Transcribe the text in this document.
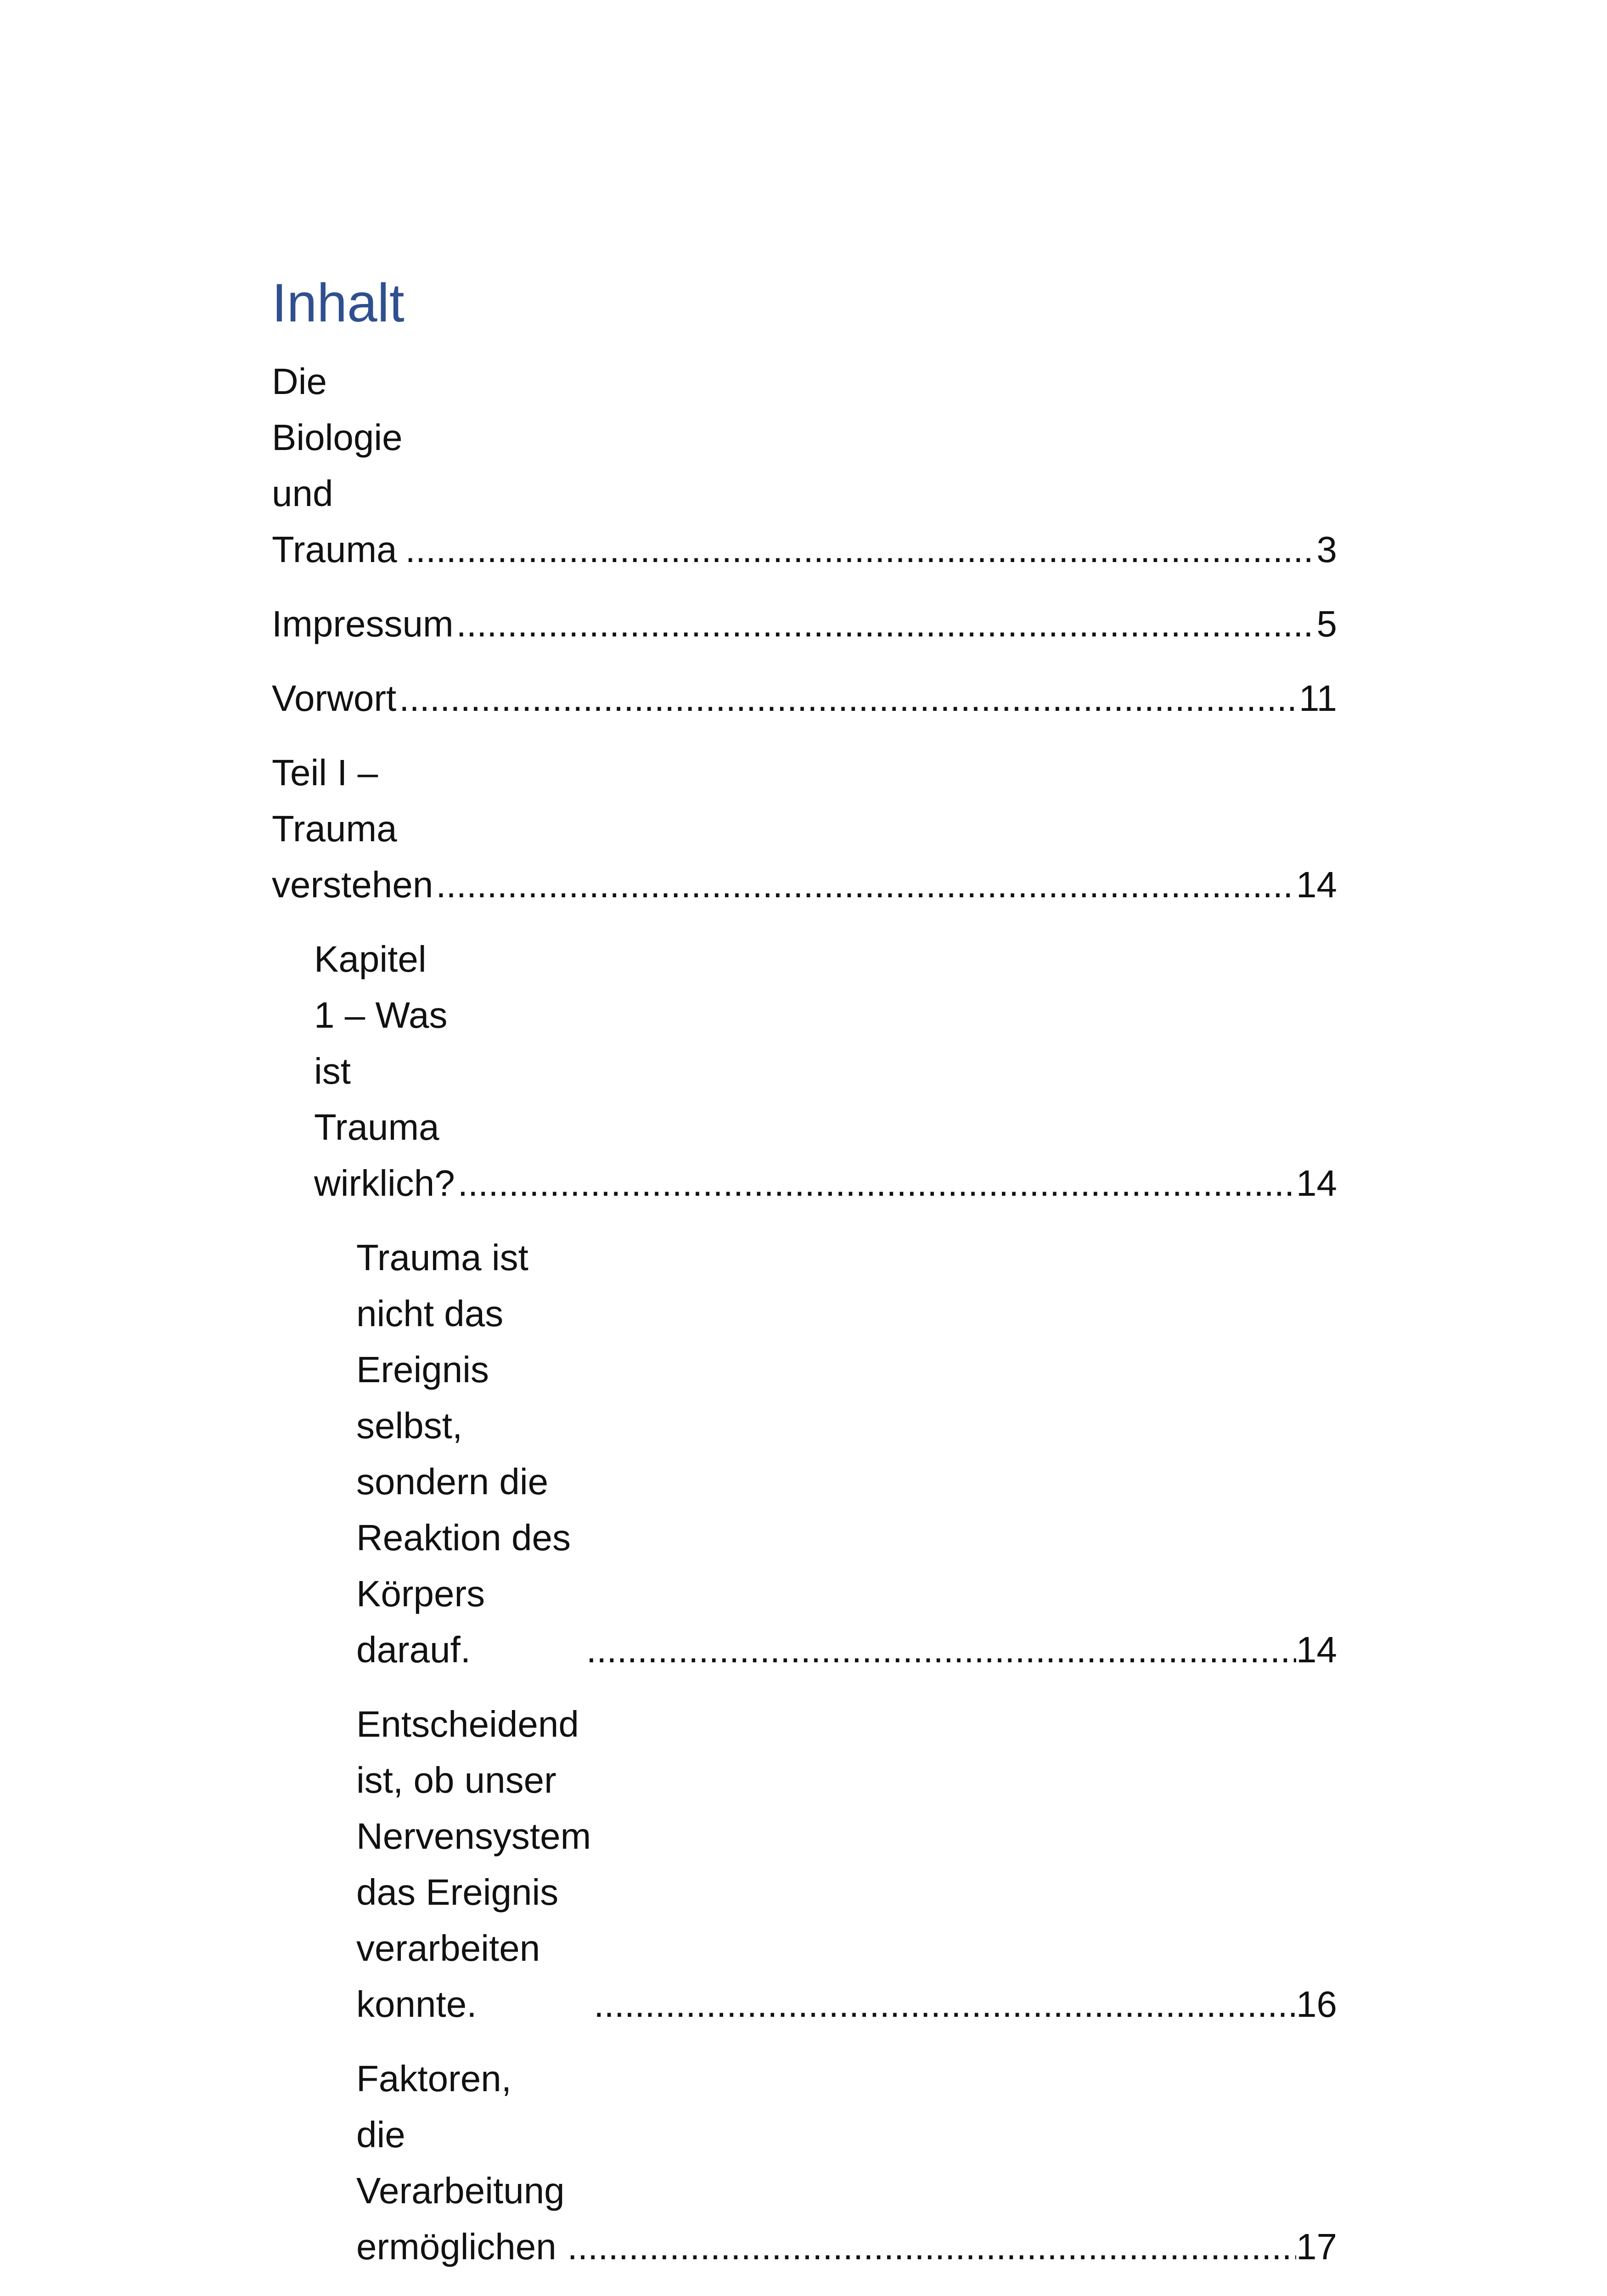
Inhalt
Die Biologie und Trauma .....	3
Impressum .....	5
Vorwort .....	11
Teil I – Trauma verstehen .....	14
Kapitel 1 – Was ist Trauma wirklich? .....	14
Trauma ist nicht das Ereignis selbst, sondern die Reaktion des Körpers darauf. .....	14
Entscheidend ist, ob unser Nervensystem das Ereignis verarbeiten konnte. .....	16
Faktoren, die Verarbeitung ermöglichen .....	17
